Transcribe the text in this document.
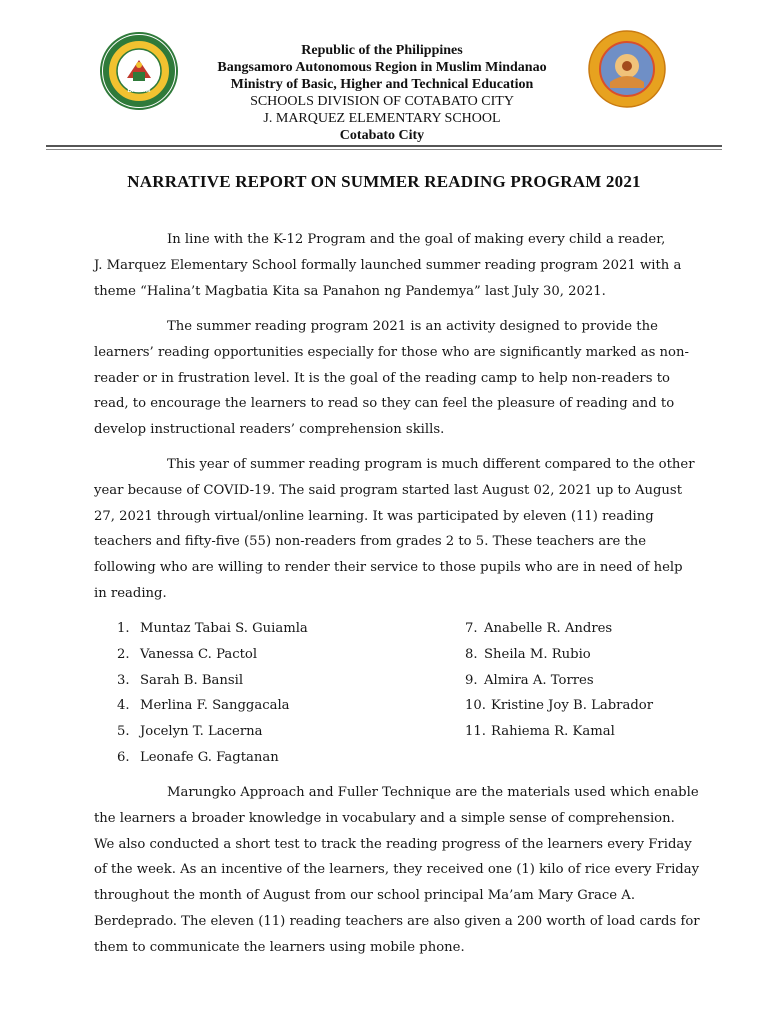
BARMM
Republic of the Philippines
Bangsamoro Autonomous Region in Muslim Mindanao
Ministry of Basic, Higher and Technical Education
SCHOOLS DIVISION OF COTABATO CITY
J. MARQUEZ ELEMENTARY SCHOOL
Cotabato City
NARRATIVE REPORT ON SUMMER READING PROGRAM 2021
In line with the K-12 Program and the goal of making every child a reader,
J. Marquez Elementary School formally launched summer reading program 2021 with a
theme “Halina’t Magbatia Kita sa Panahon ng Pandemya” last July 30, 2021.
The summer reading program 2021 is an activity designed to provide the
learners’ reading opportunities especially for those who are significantly marked as non-
reader or in frustration level. It is the goal of the reading camp to help non-readers to
read, to encourage the learners to read so they can feel the pleasure of reading and to
develop instructional readers’ comprehension skills.
This year of summer reading program is much different compared to the other
year because of COVID-19. The said program started last August 02, 2021 up to August
27, 2021 through virtual/online learning. It was participated by eleven (11) reading
teachers and fifty-five (55) non-readers from grades 2 to 5. These teachers are the
following who are willing to render their service to those pupils who are in need of help
in reading.
1. Muntaz Tabai S. Guiamla
2. Vanessa C. Pactol
3. Sarah B. Bansil
4. Merlina F. Sanggacala
5. Jocelyn T. Lacerna
6. Leonafe G. Fagtanan
7. Anabelle R. Andres
8. Sheila M. Rubio
9. Almira A. Torres
10. Kristine Joy B. Labrador
11. Rahiema R. Kamal
Marungko Approach and Fuller Technique are the materials used which enable
the learners a broader knowledge in vocabulary and a simple sense of comprehension.
We also conducted a short test to track the reading progress of the learners every Friday
of the week. As an incentive of the learners, they received one (1) kilo of rice every Friday
throughout the month of August from our school principal Ma’am Mary Grace A.
Berdeprado. The eleven (11) reading teachers are also given a 200 worth of load cards for
them to communicate the learners using mobile phone.
